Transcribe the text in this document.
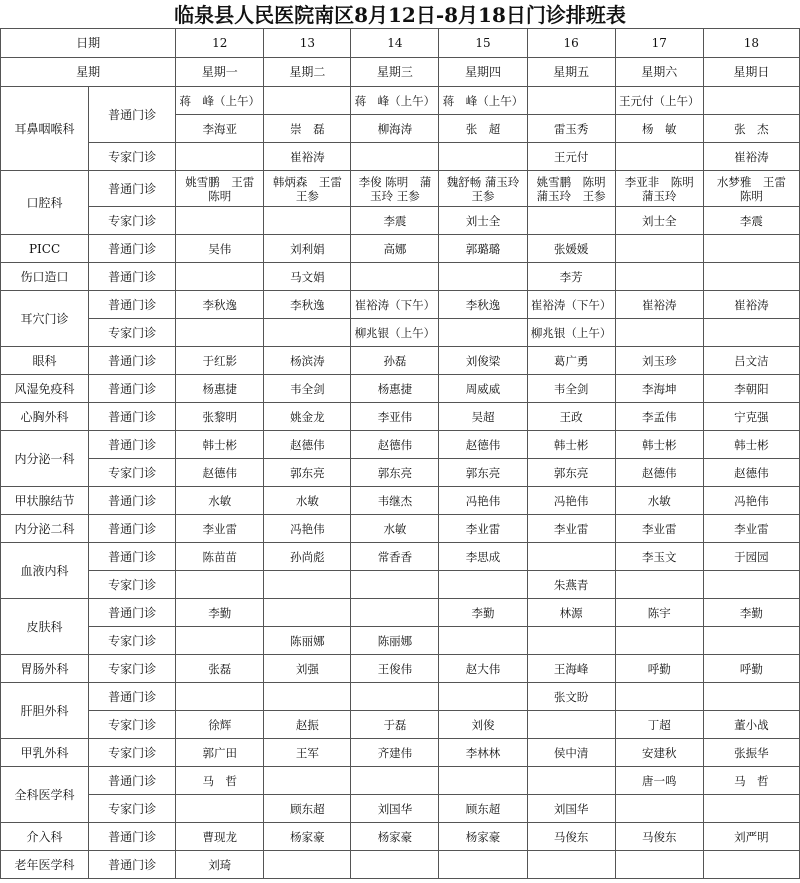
临泉县人民医院南区8月12日-8月18日门诊排班表
日期		12	13	14	15	16	17	18
星期		星期一	星期二	星期三	星期四	星期五	星期六	星期日
耳鼻咽喉科	普通门诊	蒋　峰（上午）		蒋　峰（上午）	蒋　峰（上午）		王元付（上午）	
		李海亚	崇　磊	柳海涛	张　超	雷玉秀	杨　敏	张　杰
	专家门诊		崔裕涛			王元付		崔裕涛
口腔科	普通门诊	姚雪鹏　王雷 陈明	韩炳森　王雷 王参	李俊 陈明　蒲玉玲 王参	魏舒畅 蒲玉玲 王参	姚雪鹏　陈明 蒲玉玲　王参	李亚非　陈明 蒲玉玲	水梦雅　王雷　陈明
	专家门诊			李震	刘士全		刘士全	李震
PICC	普通门诊	吴伟	刘利娟	高娜	郭璐璐	张媛媛		
伤口造口	普通门诊		马文娟			李芳		
耳穴门诊	普通门诊	李秋逸	李秋逸	崔裕涛（下午）	李秋逸	崔裕涛（下午）	崔裕涛	崔裕涛
	专家门诊			柳兆银（上午）		柳兆银（上午）		
眼科	普通门诊	于红影	杨滨涛	孙磊	刘俊梁	葛广勇	刘玉珍	吕文洁
风湿免疫科	普通门诊	杨惠捷	韦全剑	杨惠捷	周威威	韦全剑	李海坤	李朝阳
心胸外科	普通门诊	张黎明	姚金龙	李亚伟	吴超	王政	李孟伟	宁克强
内分泌一科	普通门诊	韩士彬	赵德伟	赵德伟	赵德伟	韩士彬	韩士彬	韩士彬
	专家门诊	赵德伟	郭东亮	郭东亮	郭东亮	郭东亮	赵德伟	赵德伟
甲状腺结节	普通门诊	水敏	水敏	韦继杰	冯艳伟	冯艳伟	水敏	冯艳伟
内分泌二科	普通门诊	李业雷	冯艳伟	水敏	李业雷	李业雷	李业雷	李业雷
血液内科	普通门诊	陈苗苗	孙尚彪	常香香	李思成		李玉文	于园园
	专家门诊					朱燕青		
皮肤科	普通门诊	李勤			李勤	林源	陈宇	李勤
	专家门诊		陈丽娜	陈丽娜				
胃肠外科	专家门诊	张磊	刘强	王俊伟	赵大伟	王海峰	呼勤	呼勤
肝胆外科	普通门诊					张文盼		
	专家门诊	徐辉	赵振	于磊	刘俊		丁超	董小战
甲乳外科	专家门诊	郭广田	王军	齐建伟	李林林	侯中清	安建秋	张振华
全科医学科	普通门诊	马　哲					唐一鸣	马　哲
	专家门诊		顾东超	刘国华	顾东超	刘国华		
介入科	普通门诊	曹现龙	杨家豪	杨家豪	杨家豪	马俊东	马俊东	刘严明
老年医学科	普通门诊	刘琦						
